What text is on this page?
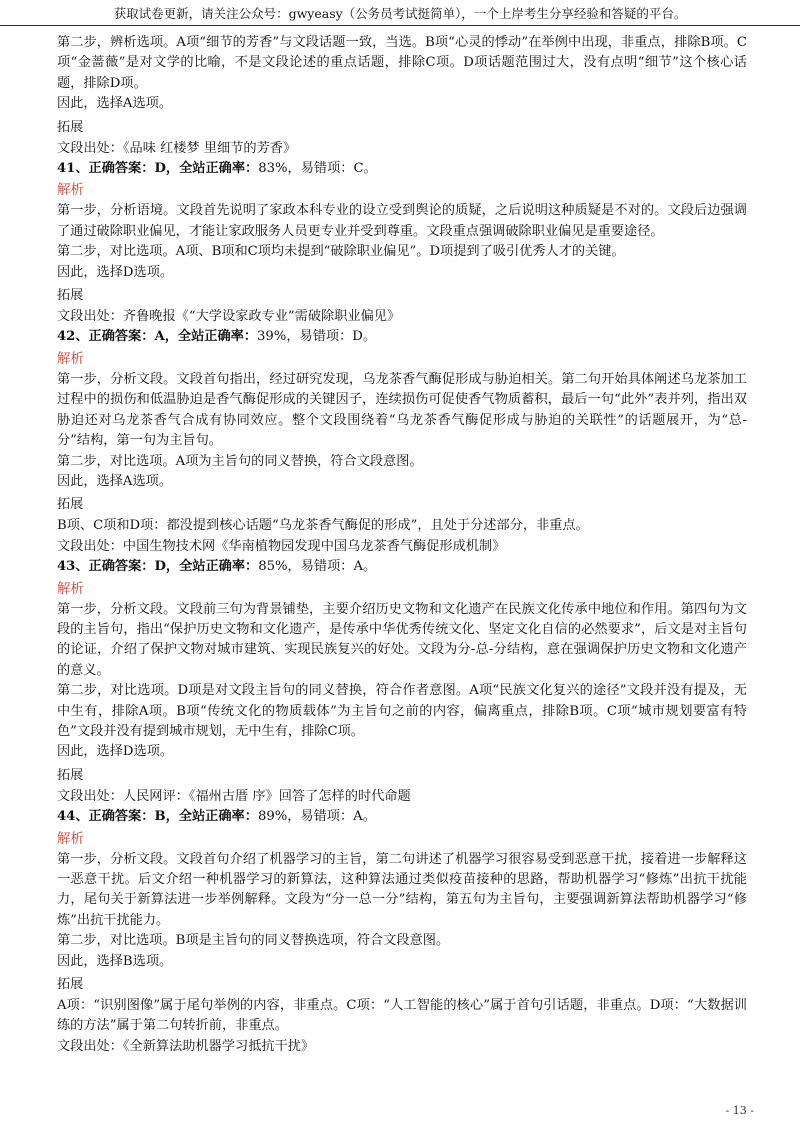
获取试卷更新，请关注公众号：gwyeasy（公务员考试挺简单），一个上岸考生分享经验和答疑的平台。

第二步，辨析选项。A项“细节的芳香”与文段话题一致，当选。B项“心灵的悸动”在举例中出现，非重点，排除B项。C项“金蔷薇”是对文学的比喻，不是文段论述的重点话题，排除C项。D项话题范围过大，没有点明“细节”这个核心话题，排除D项。

因此，选择A选项。

拓展

文段出处：《品味 红楼梦 里细节的芳香》

41、正确答案：D，全站正确率：83%，易错项：C。

解析

第一步，分析语境。文段首先说明了家政本科专业的设立受到舆论的质疑，之后说明这种质疑是不对的。文段后边强调了通过破除职业偏见，才能让家政服务人员更专业并受到尊重。文段重点强调破除职业偏见是重要途径。

第二步，对比选项。A项、B项和C项均未提到“破除职业偏见”。D项提到了吸引优秀人才的关键。

因此，选择D选项。

拓展

文段出处：齐鲁晚报《“大学设家政专业”需破除职业偏见》

42、正确答案：A，全站正确率：39%，易错项：D。

解析

第一步，分析文段。文段首句指出，经过研究发现，乌龙茶香气酶促形成与胁迫相关。第二句开始具体阐述乌龙茶加工过程中的损伤和低温胁迫是香气酶促形成的关键因子，连续损伤可促使香气物质蓄积，最后一句“此外”表并列，指出双胁迫还对乌龙茶香气合成有协同效应。整个文段围绕着“乌龙茶香气酶促形成与胁迫的关联性”的话题展开，为“总-分”结构，第一句为主旨句。

第二步，对比选项。A项为主旨句的同义替换，符合文段意图。

因此，选择A选项。

拓展

B项、C项和D项：都没提到核心话题“乌龙茶香气酶促的形成”，且处于分述部分，非重点。

文段出处：中国生物技术网《华南植物园发现中国乌龙茶香气酶促形成机制》

43、正确答案：D，全站正确率：85%，易错项：A。

解析

第一步，分析文段。文段前三句为背景铺垫，主要介绍历史文物和文化遗产在民族文化传承中地位和作用。第四句为文段的主旨句，指出“保护历史文物和文化遗产，是传承中华优秀传统文化、坚定文化自信的必然要求”，后文是对主旨句的论证，介绍了保护文物对城市建筑、实现民族复兴的好处。文段为分-总-分结构，意在强调保护历史文物和文化遗产的意义。

第二步，对比选项。D项是对文段主旨句的同义替换，符合作者意图。A项“民族文化复兴的途径”文段并没有提及，无中生有，排除A项。B项“传统文化的物质载体”为主旨句之前的内容，偏离重点，排除B项。C项“城市规划要富有特色”文段并没有提到城市规划，无中生有，排除C项。

因此，选择D选项。

拓展

文段出处：人民网评：《福州古厝 序》回答了怎样的时代命题

44、正确答案：B，全站正确率：89%，易错项：A。

解析

第一步，分析文段。文段首句介绍了机器学习的主旨，第二句讲述了机器学习很容易受到恶意干扰，接着进一步解释这一恶意干扰。后文介绍一种机器学习的新算法，这种算法通过类似疫苗接种的思路，帮助机器学习“修炼”出抗干扰能力，尾句关于新算法进一步举例解释。文段为“分一总一分”结构，第五句为主旨句，主要强调新算法帮助机器学习“修炼”出抗干扰能力。

第二步，对比选项。B项是主旨句的同义替换选项，符合文段意图。

因此，选择B选项。

拓展

A项：“识别图像”属于尾句举例的内容，非重点。C项：“人工智能的核心”属于首句引话题，非重点。D项：“大数据训练的方法”属于第二句转折前，非重点。

文段出处：《全新算法助机器学习抵抗干扰》

- 13 -
